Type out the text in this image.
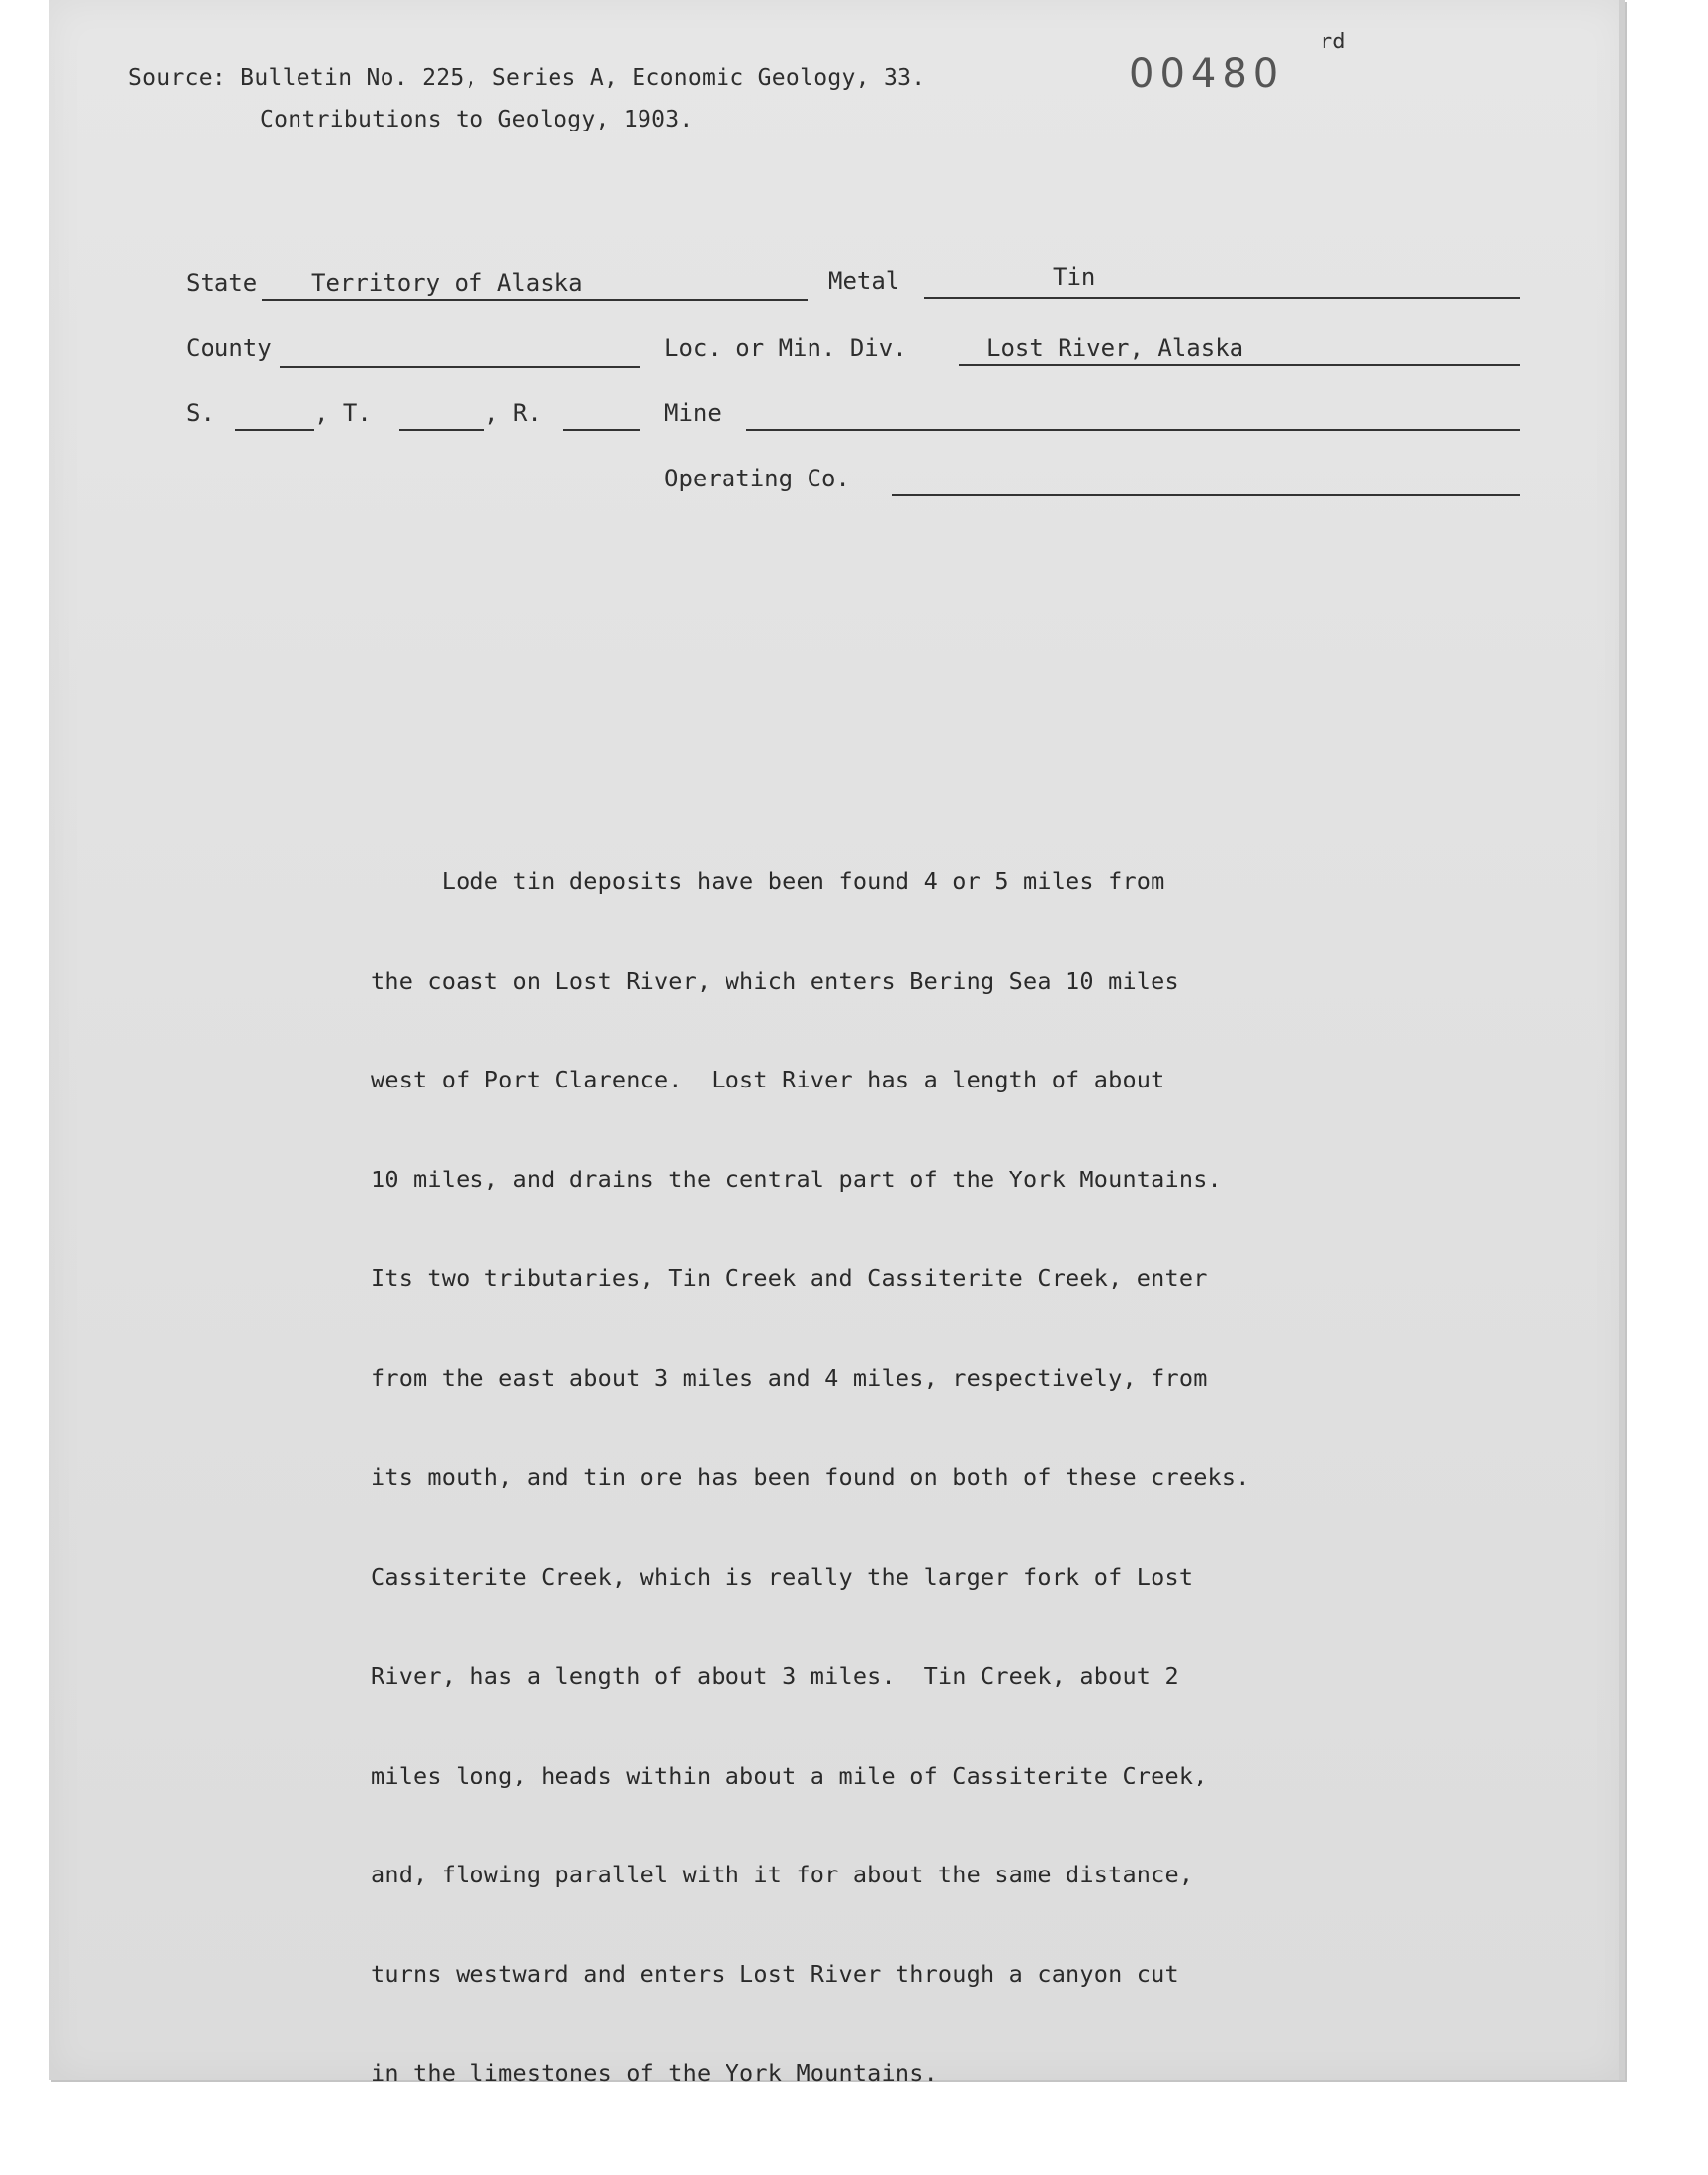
Source: Bulletin No. 225, Series A, Economic Geology, 33.
Contributions to Geology, 1903.
00480
rd
State Territory of Alaska	Metal	Tin
County	Loc. or Min. Div.	Lost River, Alaska
S.	, T.	, R.	Mine
Operating Co.

Lode tin deposits have been found 4 or 5 miles from

the coast on Lost River, which enters Bering Sea 10 miles

west of Port Clarence.  Lost River has a length of about

10 miles, and drains the central part of the York Mountains.

Its two tributaries, Tin Creek and Cassiterite Creek, enter

from the east about 3 miles and 4 miles, respectively, from

its mouth, and tin ore has been found on both of these creeks.

Cassiterite Creek, which is really the larger fork of Lost

River, has a length of about 3 miles.  Tin Creek, about 2

miles long, heads within about a mile of Cassiterite Creek,

and, flowing parallel with it for about the same distance,

turns westward and enters Lost River through a canyon cut

in the limestones of the York Mountains.
